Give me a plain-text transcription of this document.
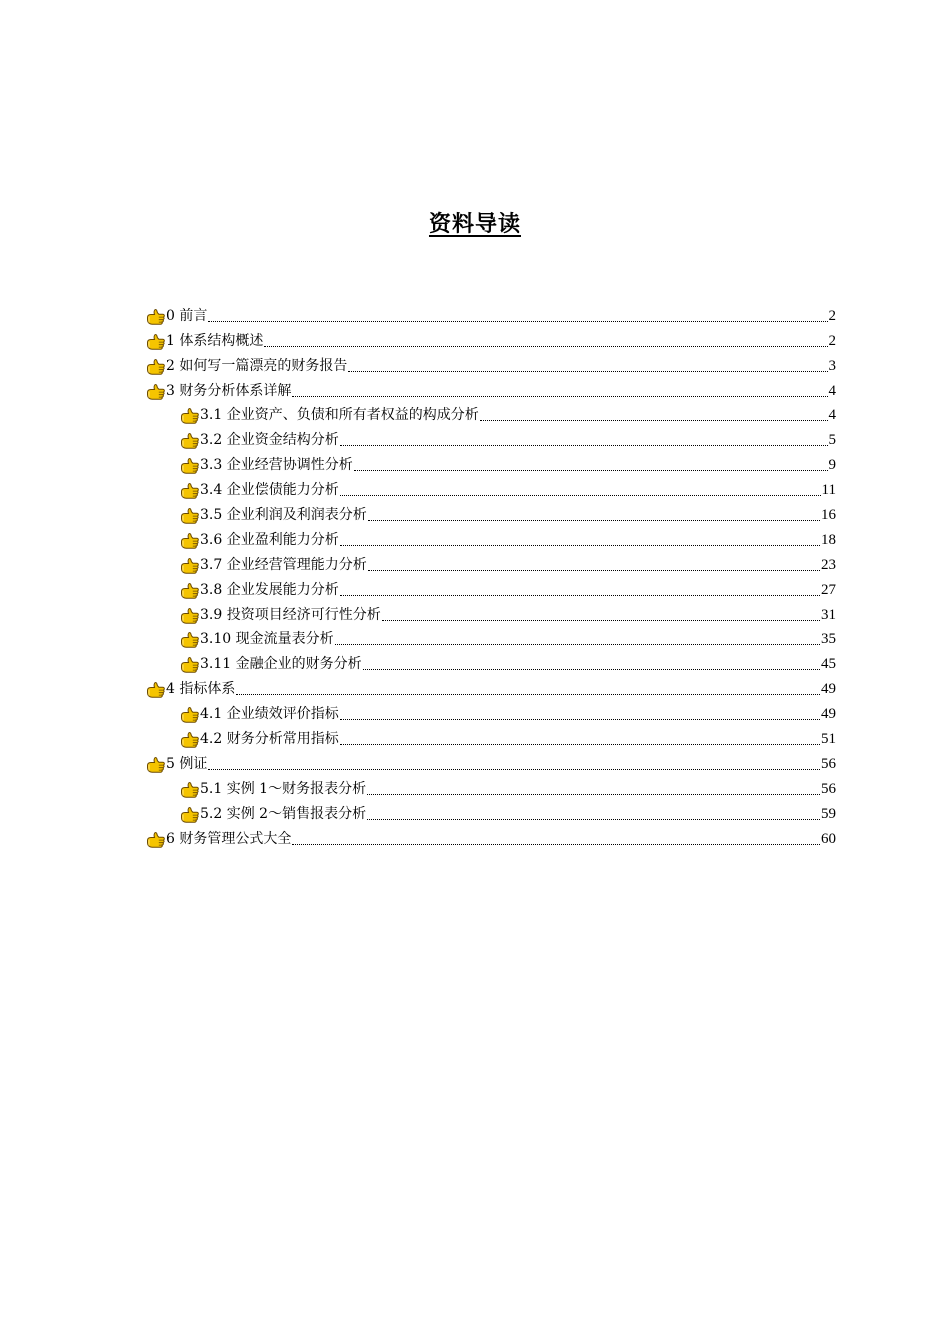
资料导读
0 前言	2
1 体系结构概述	2
2 如何写一篇漂亮的财务报告	3
3 财务分析体系详解	4
3.1 企业资产、负债和所有者权益的构成分析	4
3.2 企业资金结构分析	5
3.3 企业经营协调性分析	9
3.4 企业偿债能力分析	11
3.5 企业利润及利润表分析	16
3.6 企业盈利能力分析	18
3.7 企业经营管理能力分析	23
3.8 企业发展能力分析	27
3.9 投资项目经济可行性分析	31
3.10 现金流量表分析	35
3.11 金融企业的财务分析	45
4 指标体系	49
4.1 企业绩效评价指标	49
4.2 财务分析常用指标	51
5 例证	56
5.1 实例 1～财务报表分析	56
5.2 实例 2～销售报表分析	59
6 财务管理公式大全	60
